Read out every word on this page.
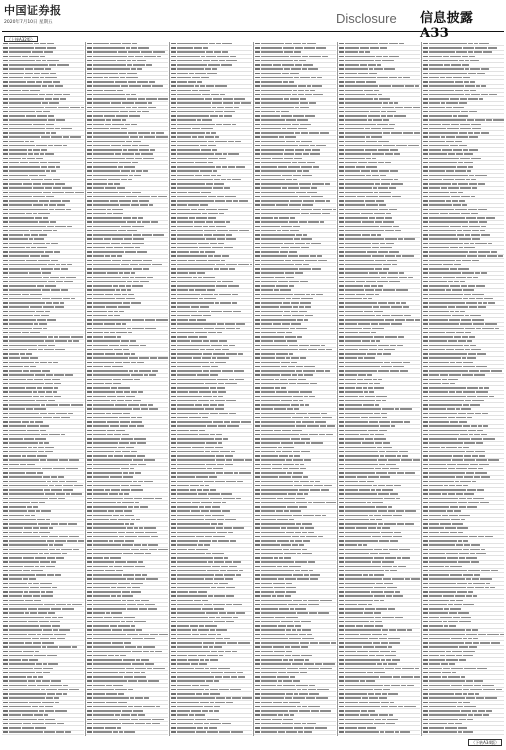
中国证券报
2020年7月10日 星期五	Disclosure 信息披露 A33
（上接A32版）
（下转A34版）
